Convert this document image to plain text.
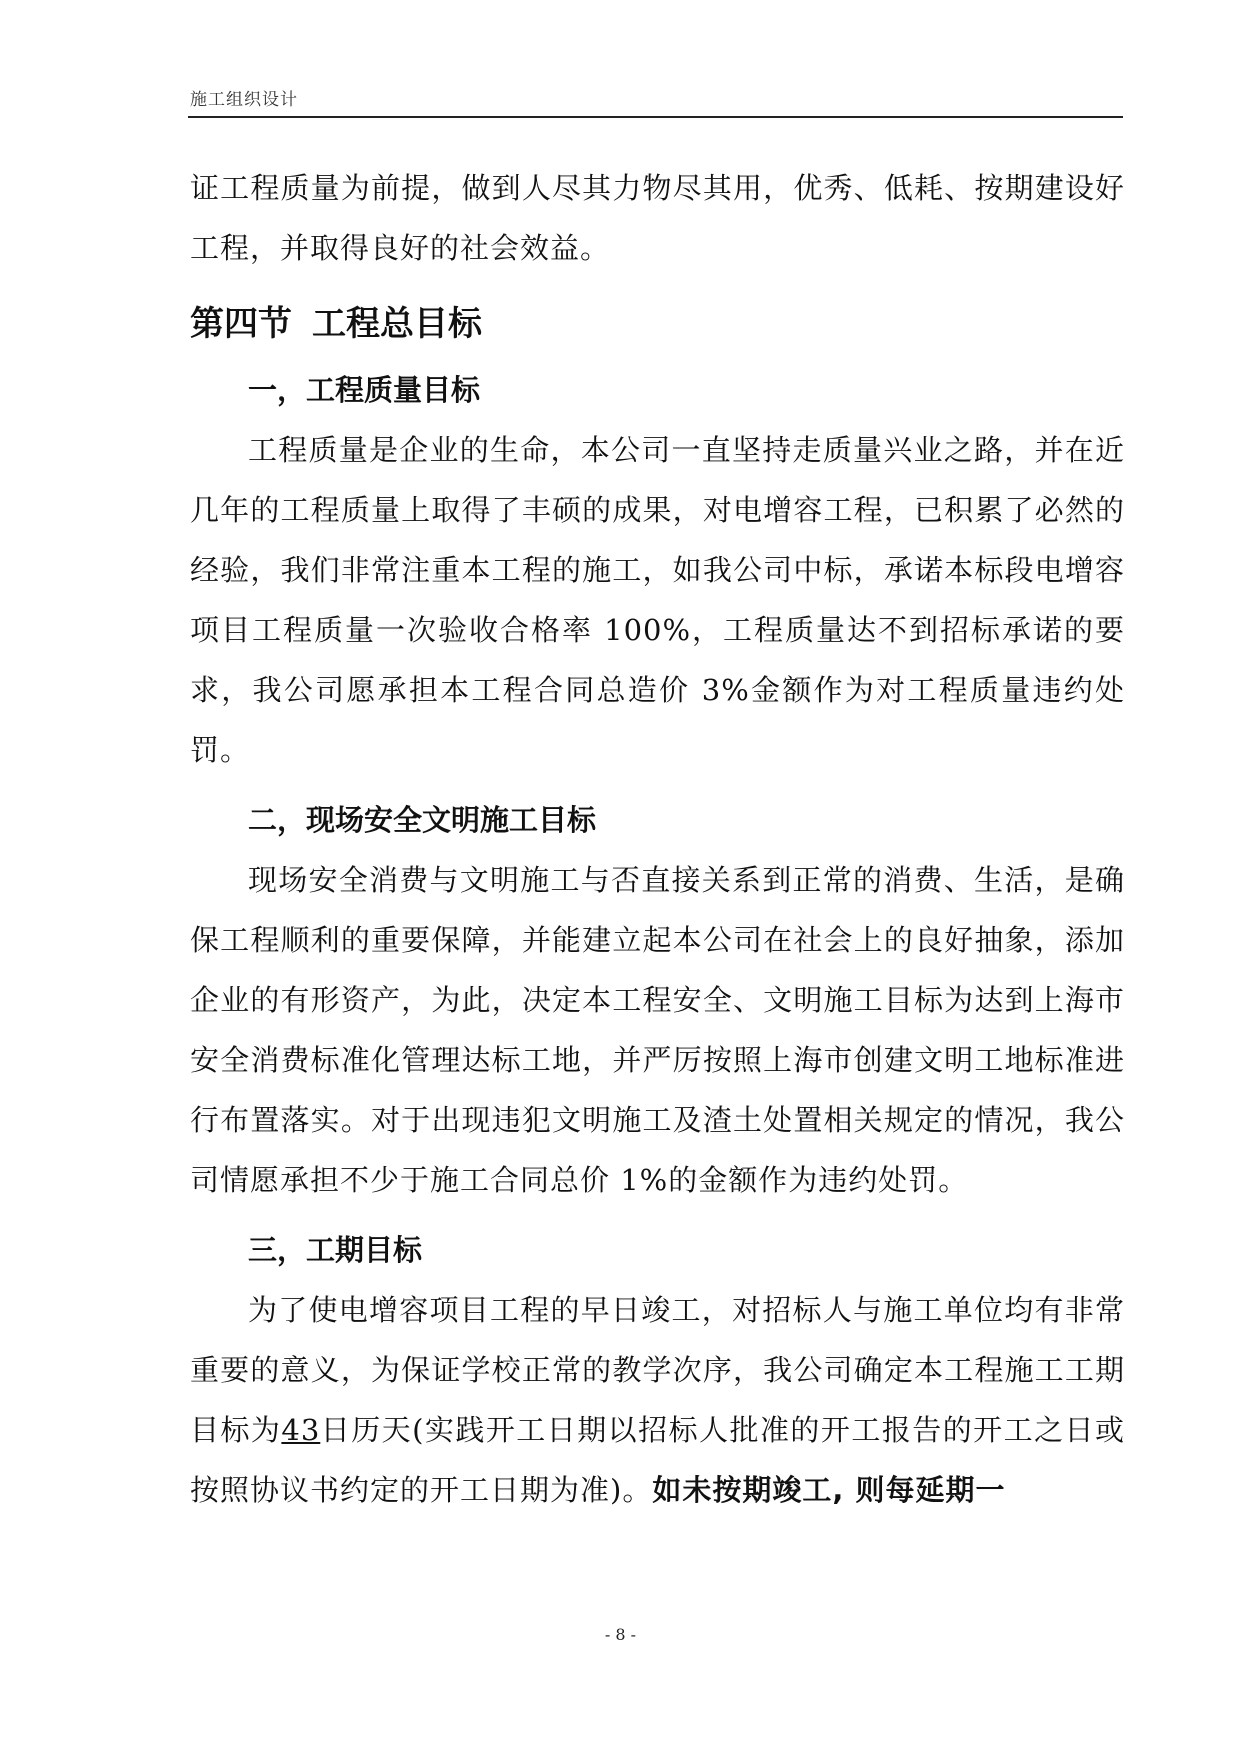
施工组织设计

证工程质量为前提，做到人尽其力物尽其用，优秀、低耗、按期建设好工程，并取得良好的社会效益。

第四节 工程总目标
一，工程质量目标

工程质量是企业的生命，本公司一直坚持走质量兴业之路，并在近几年的工程质量上取得了丰硕的成果，对电增容工程，已积累了必然的经验，我们非常注重本工程的施工，如我公司中标，承诺本标段电增容项目工程质量一次验收合格率 100%，工程质量达不到招标承诺的要求，我公司愿承担本工程合同总造价 3%金额作为对工程质量违约处罚。

二，现场安全文明施工目标

现场安全消费与文明施工与否直接关系到正常的消费、生活，是确保工程顺利的重要保障，并能建立起本公司在社会上的良好抽象，添加企业的有形资产，为此，决定本工程安全、文明施工目标为达到上海市安全消费标准化管理达标工地，并严厉按照上海市创建文明工地标准进行布置落实。对于出现违犯文明施工及渣土处置相关规定的情况，我公司情愿承担不少于施工合同总价 1%的金额作为违约处罚。

三，工期目标

为了使电增容项目工程的早日竣工，对招标人与施工单位均有非常重要的意义，为保证学校正常的教学次序，我公司确定本工程施工工期目标为43日历天(实践开工日期以招标人批准的开工报告的开工之日或按照协议书约定的开工日期为准)。如未按期竣工, 则每延期一

- 8 -
